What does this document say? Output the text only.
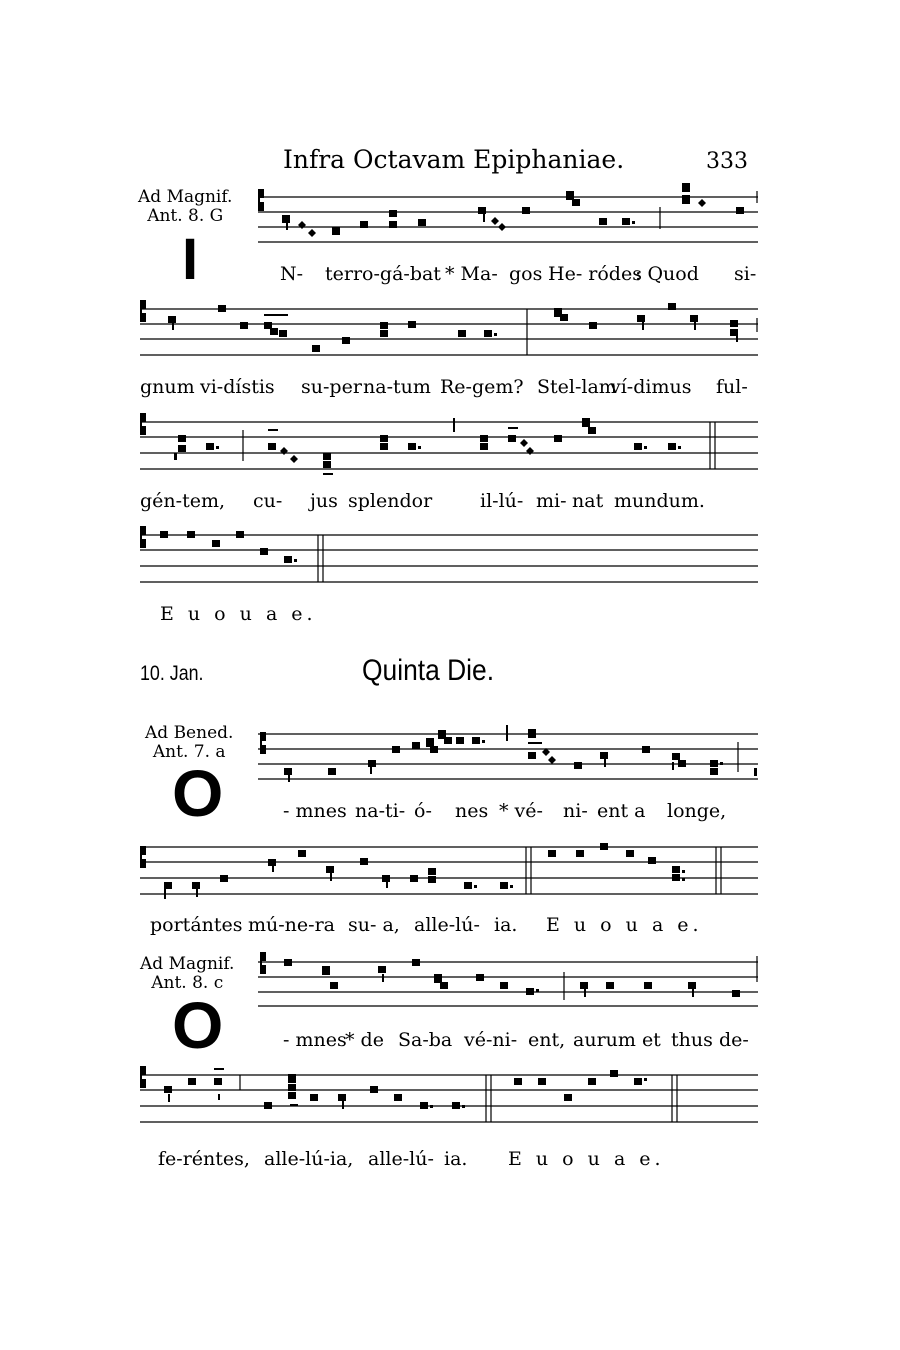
Infra Octavam Epiphaniae.	333
Ad Magnif.
Ant. 8. G
I	N- terro-gá-bat * Ma- gos He- ródes
: Quod si-
gnum vi-dístis su-per na-tum Re-gem? Stel-lam
ví-dimus ful-
gén-tem, cu- jus splendor	il-lú- mi- nat mundum.
E u o u a e.
10. Jan.	Quinta Die.
Ad Bened.
Ant. 7. a
O	- mnes na-ti- ó- nes * vé- ni- ent a longe,
portántes mú-ne-ra su- a, alle-lú- ia. E u o u a e.
Ad Magnif.
Ant. 8. c
O	- mnes
* de Sa-ba vé-ni- ent, aurum et thus de-
fe-réntes, alle-lú-ia, alle-lú- ia. E u o u a e.
